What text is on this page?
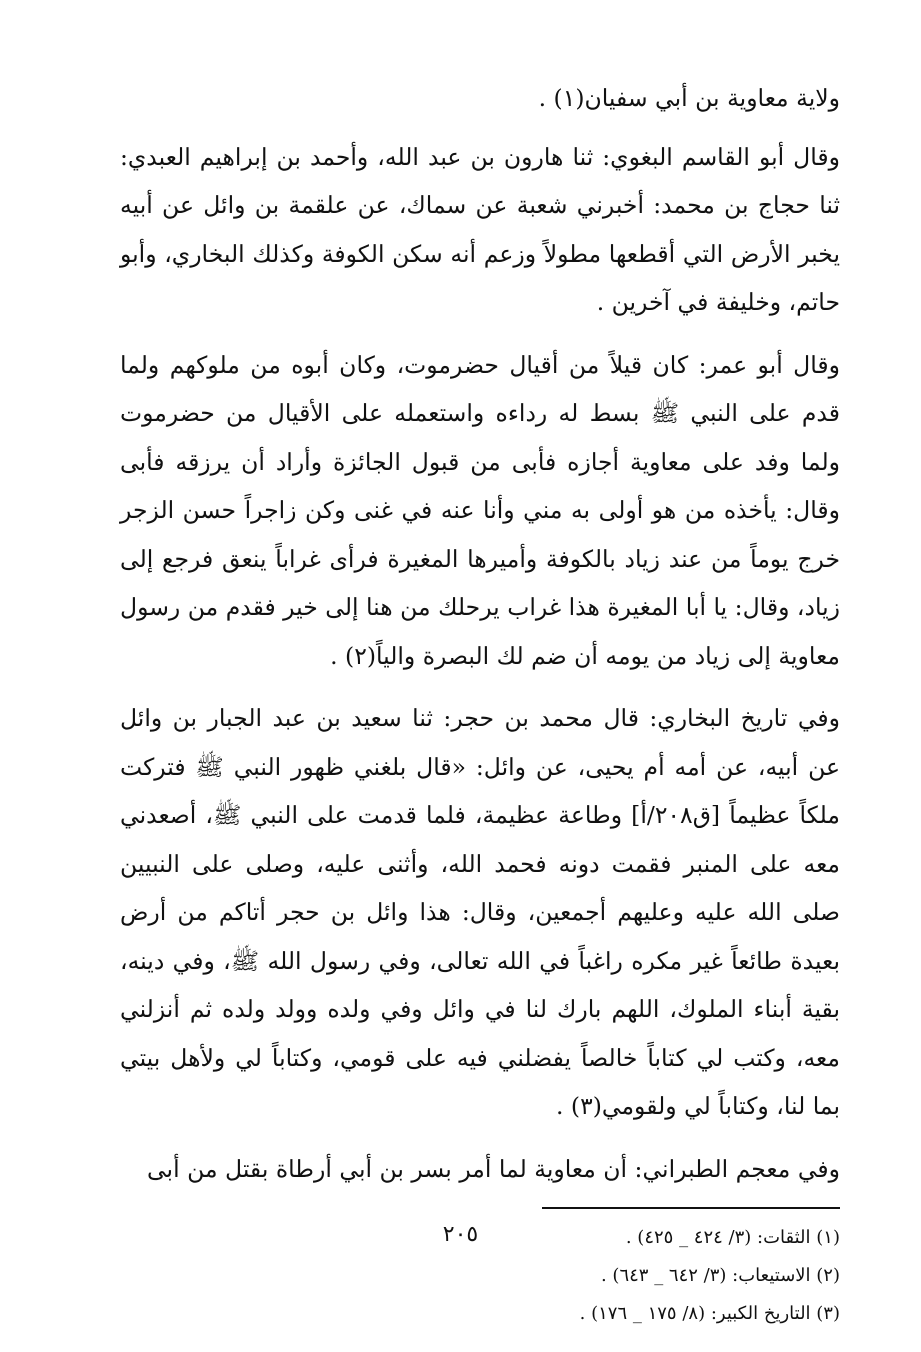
ولاية معاوية بن أبي سفيان(١) .

وقال أبو القاسم البغوي: ثنا هارون بن عبد الله، وأحمد بن إبراهيم العبدي: ثنا حجاج بن محمد: أخبرني شعبة عن سماك، عن علقمة بن وائل عن أبيه يخبر الأرض التي أقطعها مطولاً وزعم أنه سكن الكوفة وكذلك البخاري، وأبو حاتم، وخليفة في آخرين .

وقال أبو عمر: كان قيلاً من أقيال حضرموت، وكان أبوه من ملوكهم ولما قدم على النبي ﷺ بسط له رداءه واستعمله على الأقيال من حضرموت ولما وفد على معاوية أجازه فأبى من قبول الجائزة وأراد أن يرزقه فأبى وقال: يأخذه من هو أولى به مني وأنا عنه في غنى وكن زاجراً حسن الزجر خرج يوماً من عند زياد بالكوفة وأميرها المغيرة فرأى غراباً ينعق فرجع إلى زياد، وقال: يا أبا المغيرة هذا غراب يرحلك من هنا إلى خير فقدم من رسول معاوية إلى زياد من يومه أن ضم لك البصرة والياً(٢) .

وفي تاريخ البخاري: قال محمد بن حجر: ثنا سعيد بن عبد الجبار بن وائل عن أبيه، عن أمه أم يحيى، عن وائل: «قال بلغني ظهور النبي ﷺ فتركت ملكاً عظيماً [ق٢٠٨/أ] وطاعة عظيمة، فلما قدمت على النبي ﷺ، أصعدني معه على المنبر فقمت دونه فحمد الله، وأثنى عليه، وصلى على النبيين صلى الله عليه وعليهم أجمعين، وقال: هذا وائل بن حجر أتاكم من أرض بعيدة طائعاً غير مكره راغباً في الله تعالى، وفي رسول الله ﷺ، وفي دينه، بقية أبناء الملوك، اللهم بارك لنا في وائل وفي ولده وولد ولده ثم أنزلني معه، وكتب لي كتاباً خالصاً يفضلني فيه على قومي، وكتاباً لي ولأهل بيتي بما لنا، وكتاباً لي ولقومي(٣) .

وفي معجم الطبراني: أن معاوية لما أمر بسر بن أبي أرطاة بقتل من أبى

(١) الثقات: (٣/ ٤٢٤ _ ٤٢٥) .

(٢) الاستيعاب: (٣/ ٦٤٢ _ ٦٤٣) .

(٣) التاريخ الكبير: (٨/ ١٧٥ _ ١٧٦) .

٢٠٥
